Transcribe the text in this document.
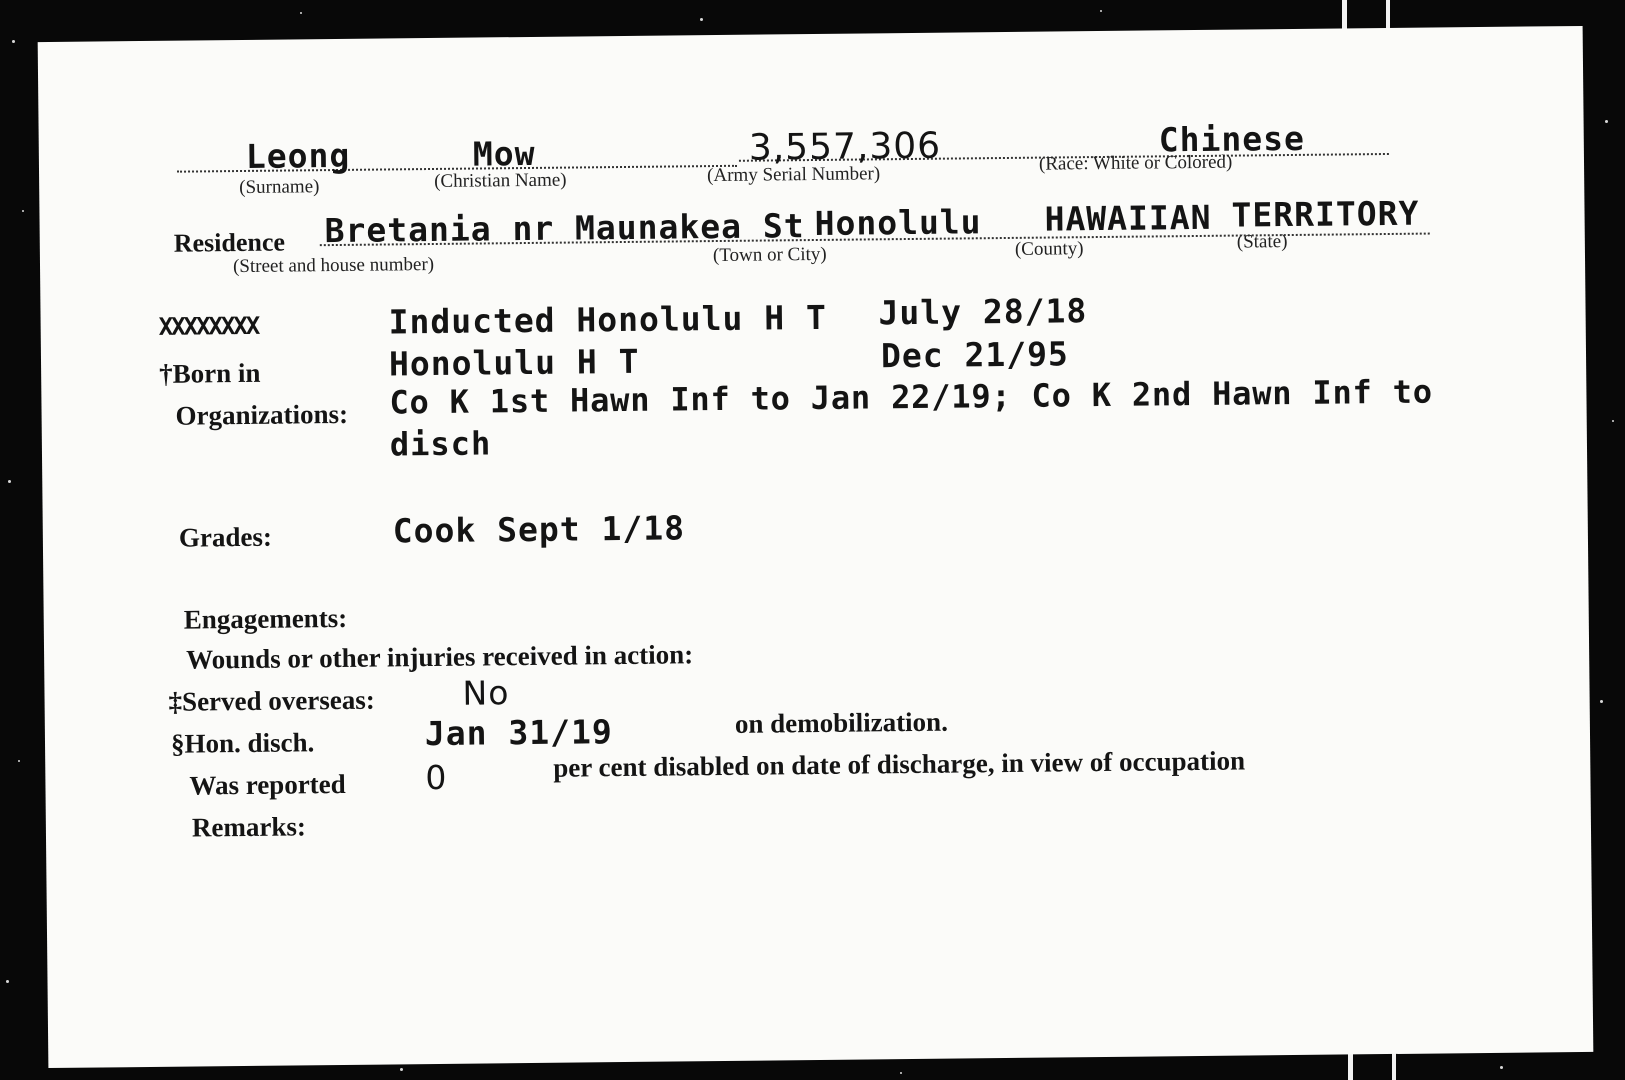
Leong	Mow	3,557,306	Chinese
(Surname)	(Christian Name)	(Army Serial Number)
(Race: White or Colored)
Residence Bretania nr Maunakea St Honolulu HAWAIIAN TERRITORY
(Street and house number)	(Town or City)	(County)	(State)
XXXXXXXX	Inducted Honolulu H T July 28/18
†Born in	Honolulu H T	Dec 21/95
Organizations: Co K 1st Hawn Inf to Jan 22/19; Co K 2nd Hawn Inf to
disch
Grades:	Cook Sept 1/18
Engagements:
Wounds or other injuries received in action:
‡Served overseas:	No
§Hon. disch.	Jan 31/19	on demobilization.
Was reported 0	per cent disabled on date of discharge, in view of occupation
Remarks:
